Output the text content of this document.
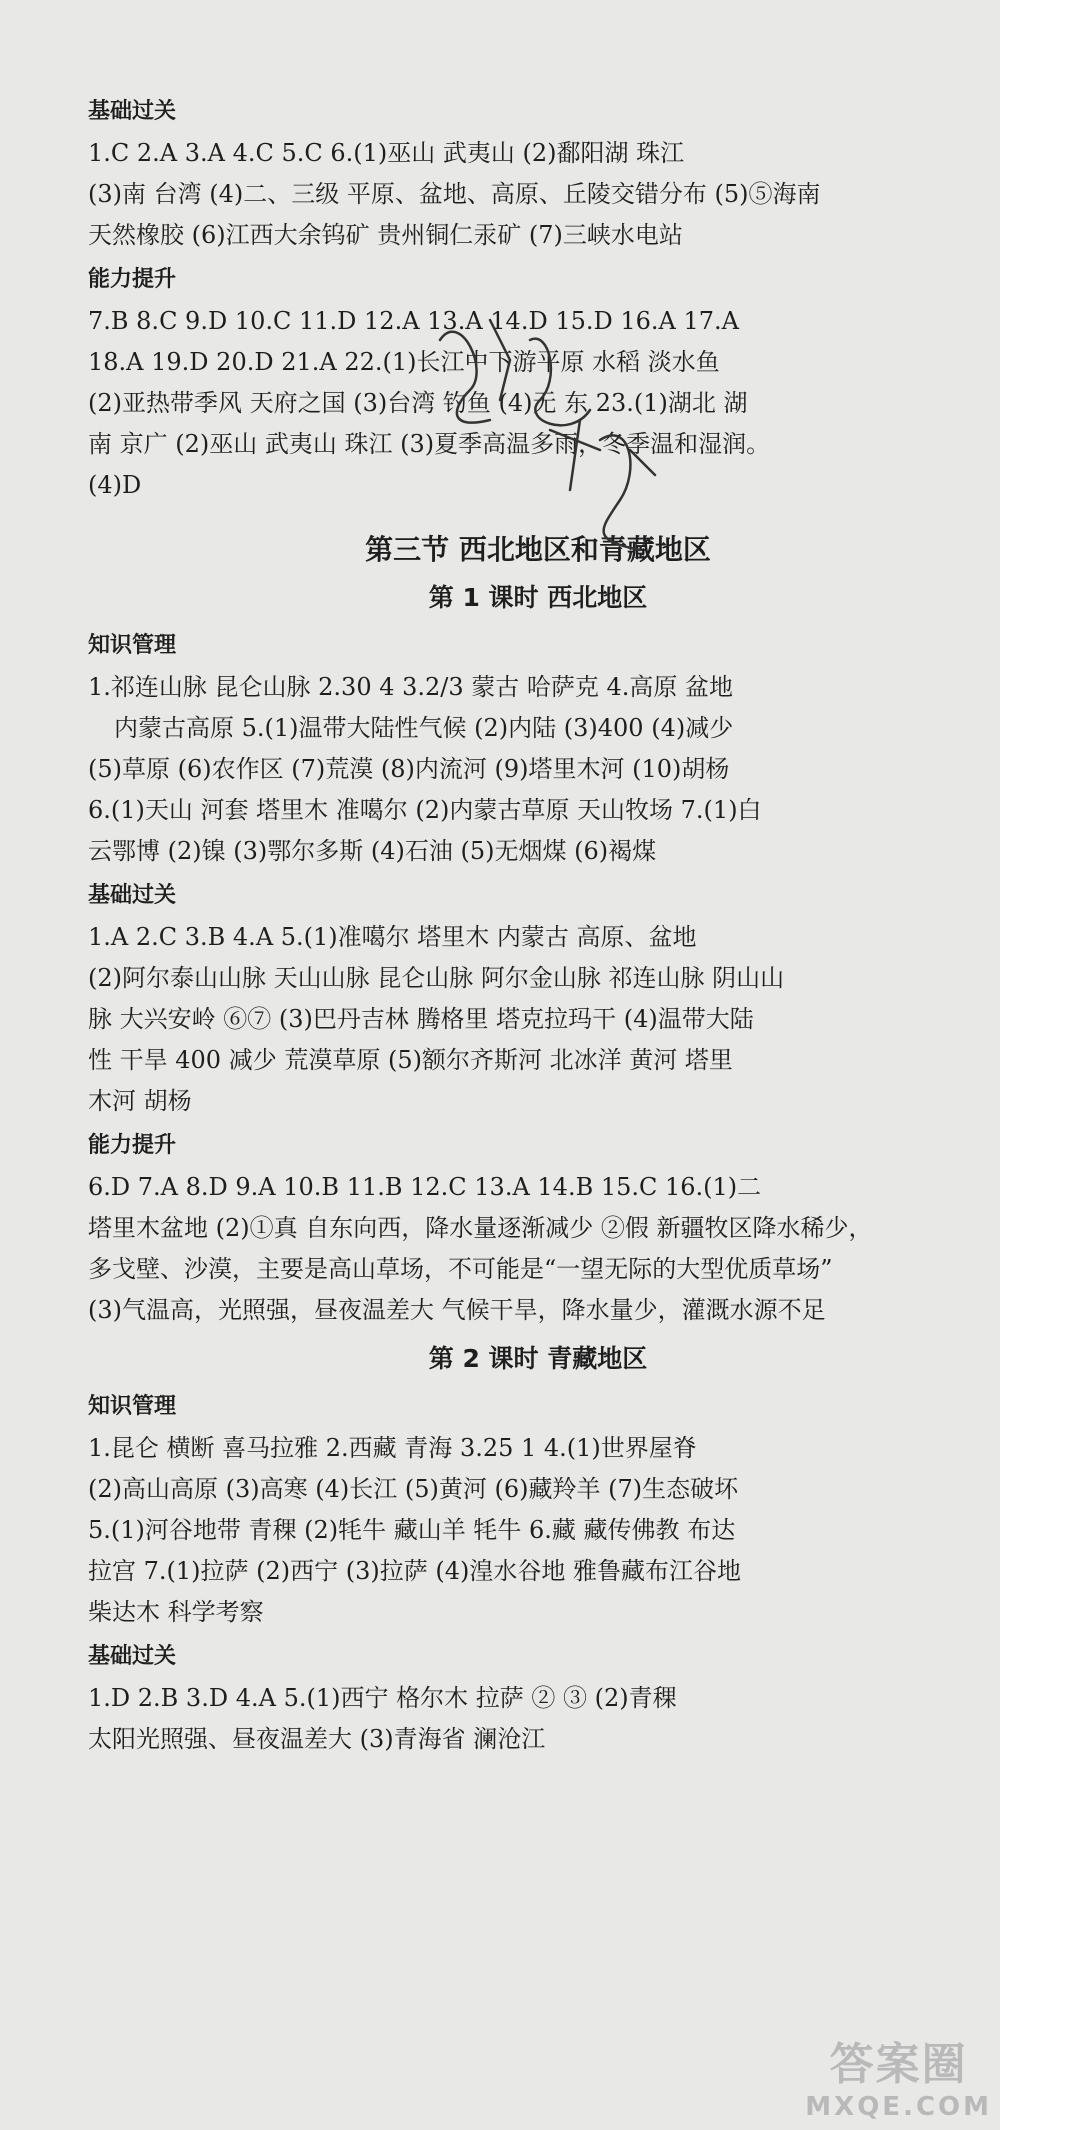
基础过关
1.C 2.A 3.A 4.C 5.C 6.(1)巫山 武夷山 (2)鄱阳湖 珠江
(3)南 台湾 (4)二、三级 平原、盆地、高原、丘陵交错分布 (5)⑤海南
天然橡胶 (6)江西大余钨矿 贵州铜仁汞矿 (7)三峡水电站
能力提升
7.B 8.C 9.D 10.C 11.D 12.A 13.A 14.D 15.D 16.A 17.A
18.A 19.D 20.D 21.A 22.(1)长江中下游平原 水稻 淡水鱼
(2)亚热带季风 天府之国 (3)台湾 钓鱼 (4)无 东 23.(1)湖北 湖
南 京广 (2)巫山 武夷山 珠江 (3)夏季高温多雨，冬季温和湿润。
(4)D
第三节 西北地区和青藏地区
第 1 课时 西北地区
知识管理
1.祁连山脉 昆仑山脉 2.30 4 3.2/3 蒙古 哈萨克 4.高原 盆地
内蒙古高原 5.(1)温带大陆性气候 (2)内陆 (3)400 (4)减少
(5)草原 (6)农作区 (7)荒漠 (8)内流河 (9)塔里木河 (10)胡杨
6.(1)天山 河套 塔里木 准噶尔 (2)内蒙古草原 天山牧场 7.(1)白
云鄂博 (2)镍 (3)鄂尔多斯 (4)石油 (5)无烟煤 (6)褐煤
基础过关
1.A 2.C 3.B 4.A 5.(1)准噶尔 塔里木 内蒙古 高原、盆地
(2)阿尔泰山山脉 天山山脉 昆仑山脉 阿尔金山脉 祁连山脉 阴山山
脉 大兴安岭 ⑥⑦ (3)巴丹吉林 腾格里 塔克拉玛干 (4)温带大陆
性 干旱 400 减少 荒漠草原 (5)额尔齐斯河 北冰洋 黄河 塔里
木河 胡杨
能力提升
6.D 7.A 8.D 9.A 10.B 11.B 12.C 13.A 14.B 15.C 16.(1)二
塔里木盆地 (2)①真 自东向西，降水量逐渐减少 ②假 新疆牧区降水稀少，
多戈壁、沙漠，主要是高山草场，不可能是“一望无际的大型优质草场”
(3)气温高，光照强，昼夜温差大 气候干旱，降水量少，灌溉水源不足
第 2 课时 青藏地区
知识管理
1.昆仑 横断 喜马拉雅 2.西藏 青海 3.25 1 4.(1)世界屋脊
(2)高山高原 (3)高寒 (4)长江 (5)黄河 (6)藏羚羊 (7)生态破坏
5.(1)河谷地带 青稞 (2)牦牛 藏山羊 牦牛 6.藏 藏传佛教 布达
拉宫 7.(1)拉萨 (2)西宁 (3)拉萨 (4)湟水谷地 雅鲁藏布江谷地
柴达木 科学考察
基础过关
1.D 2.B 3.D 4.A 5.(1)西宁 格尔木 拉萨 ② ③ (2)青稞
太阳光照强、昼夜温差大 (3)青海省 澜沧江
答案圈
MXQE.COM
